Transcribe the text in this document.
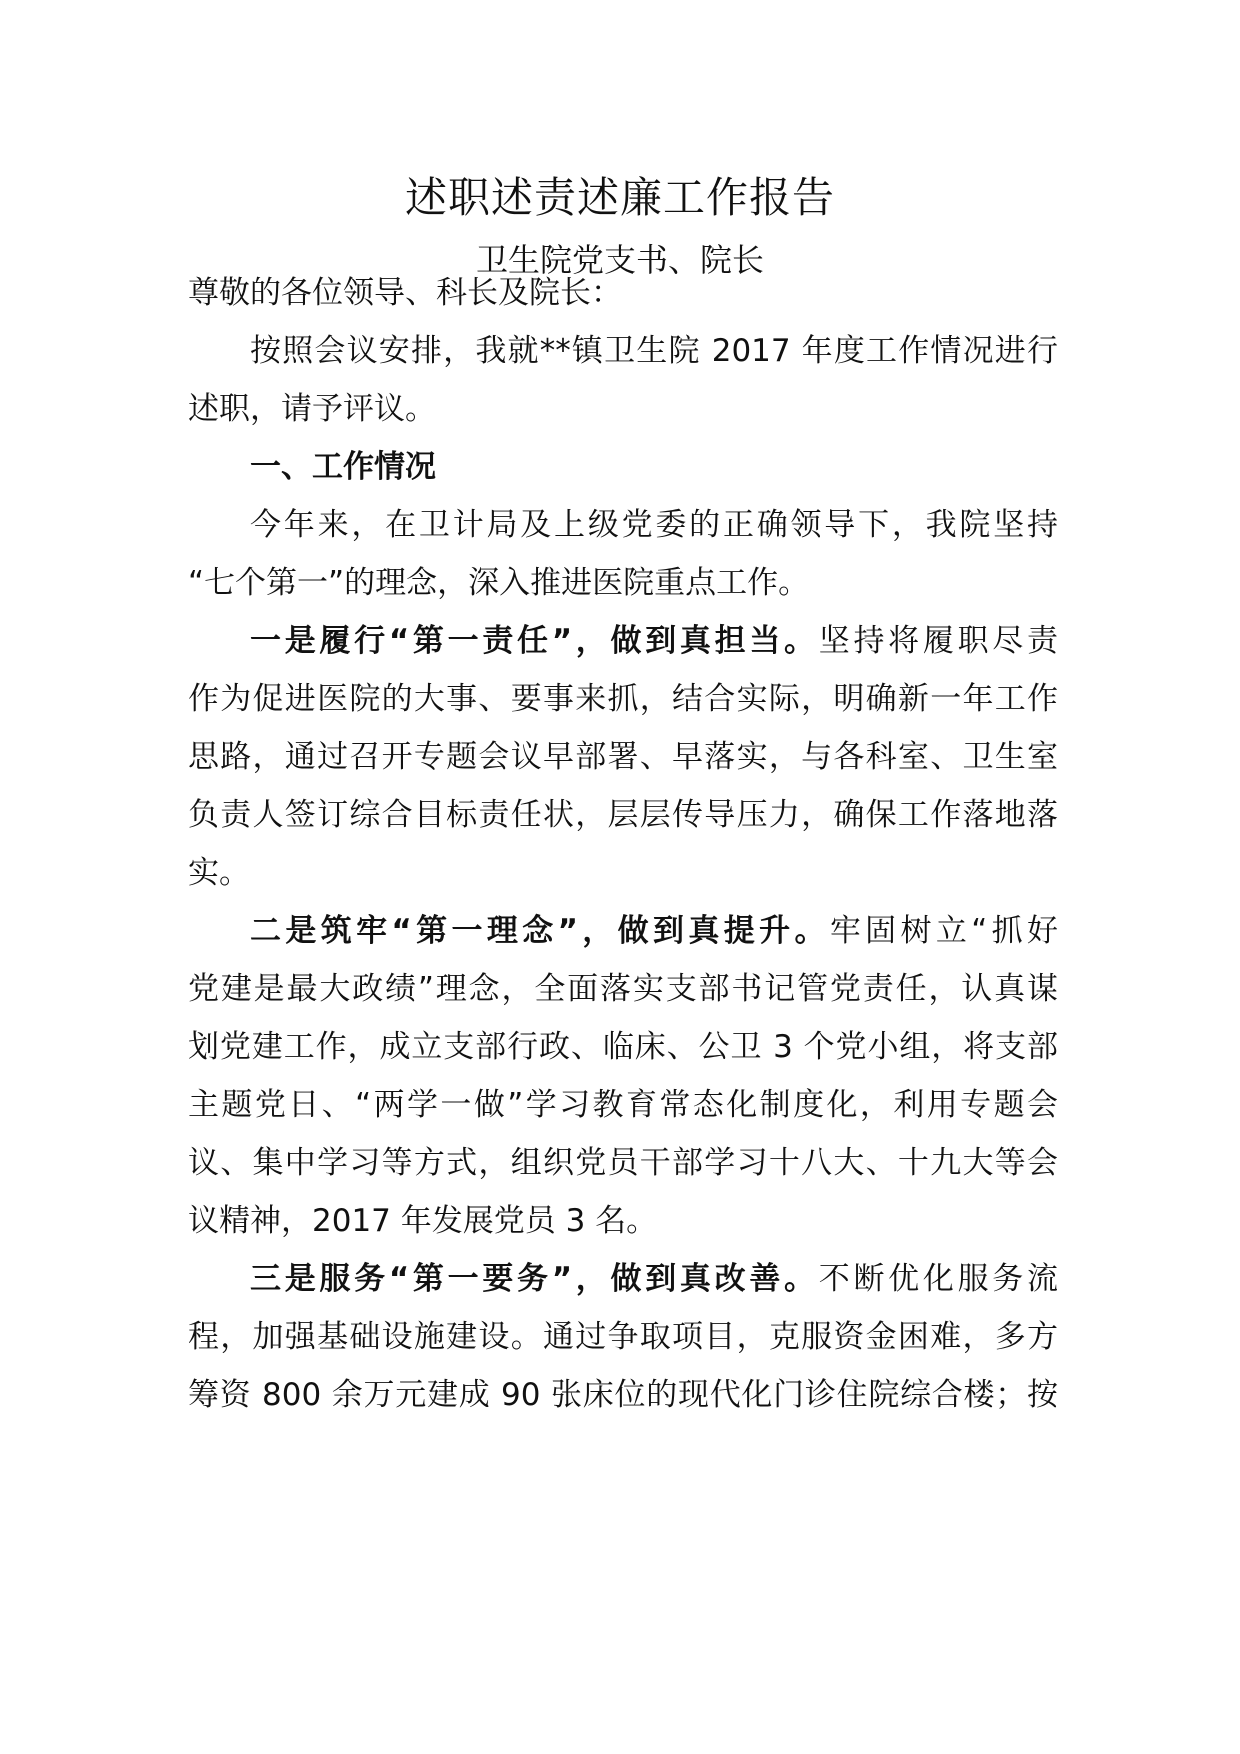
述职述责述廉工作报告
卫生院党支书、院长
尊敬的各位领导、科长及院长：
按照会议安排，我就**镇卫生院 2017 年度工作情况进行
述职，请予评议。
一、工作情况
今年来，在卫计局及上级党委的正确领导下，我院坚持
“七个第一”的理念，深入推进医院重点工作。
一是履行“第一责任”，做到真担当。坚持将履职尽责
作为促进医院的大事、要事来抓，结合实际，明确新一年工作
思路，通过召开专题会议早部署、早落实，与各科室、卫生室
负责人签订综合目标责任状，层层传导压力，确保工作落地落
实。
二是筑牢“第一理念”，做到真提升。牢固树立“抓好
党建是最大政绩”理念，全面落实支部书记管党责任，认真谋
划党建工作，成立支部行政、临床、公卫 3 个党小组，将支部
主题党日、“两学一做”学习教育常态化制度化，利用专题会
议、集中学习等方式，组织党员干部学习十八大、十九大等会
议精神，2017 年发展党员 3 名。
三是服务“第一要务”，做到真改善。不断优化服务流
程，加强基础设施建设。通过争取项目，克服资金困难，多方
筹资 800 余万元建成 90 张床位的现代化门诊住院综合楼；按
